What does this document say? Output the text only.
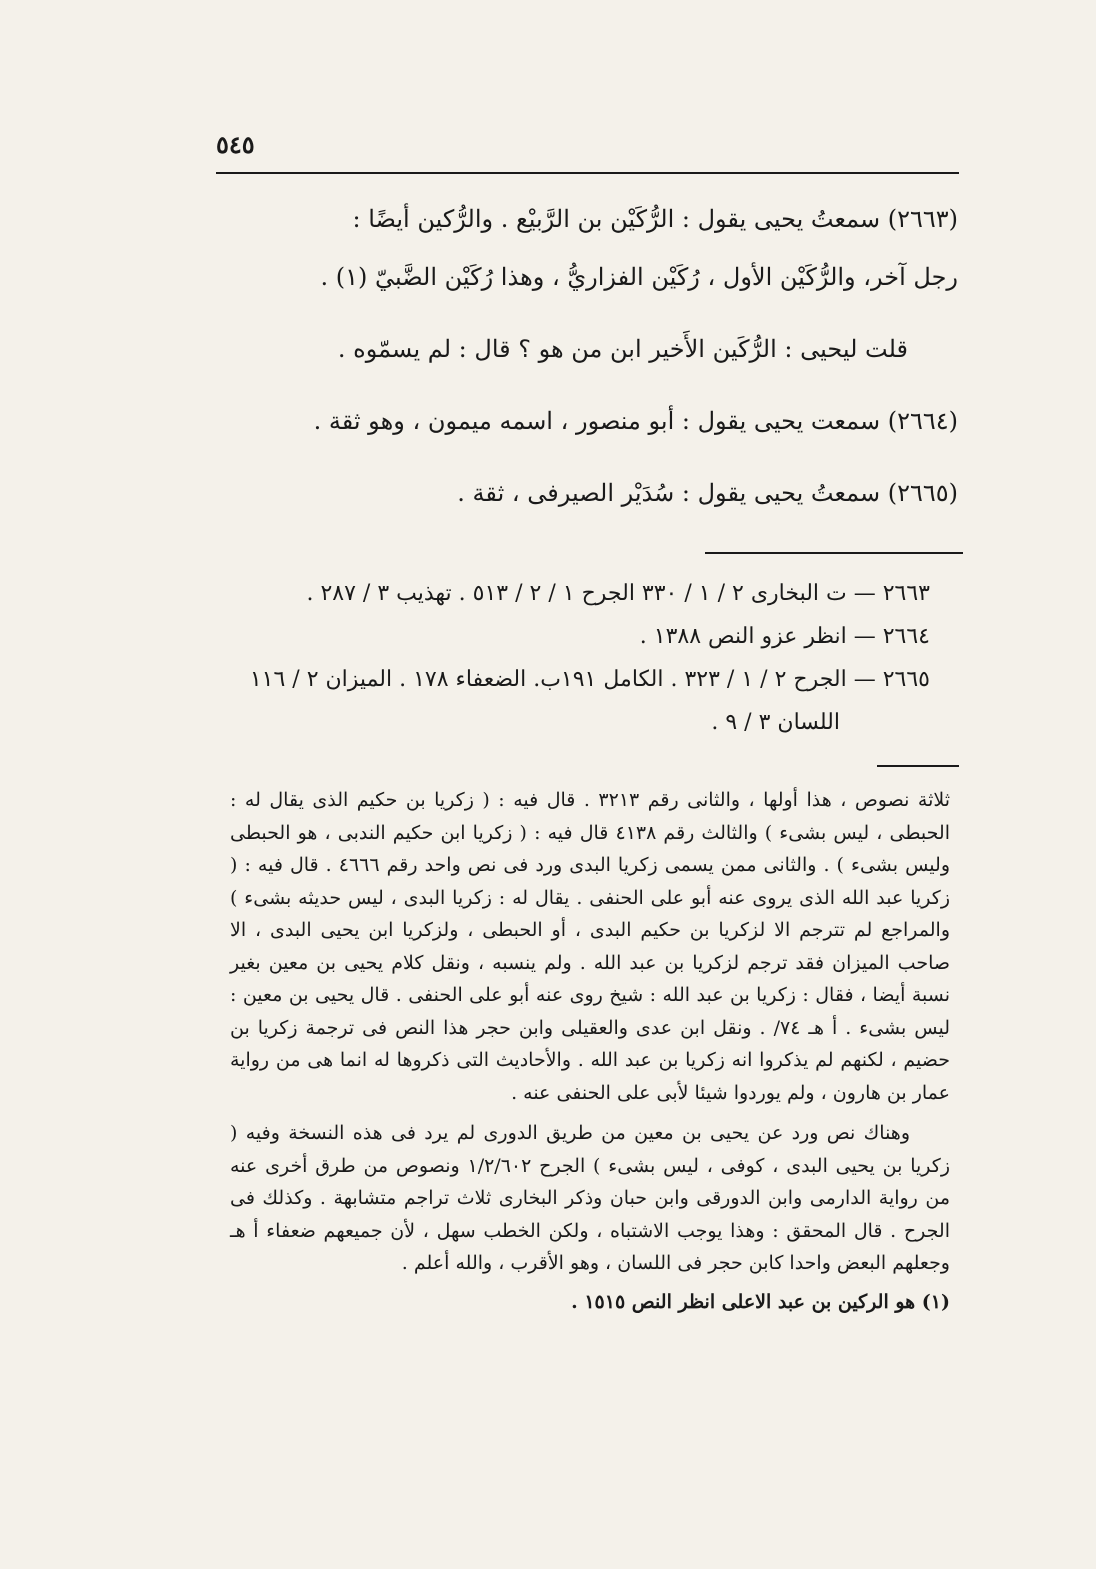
٥٤٥

(٢٦٦٣) سمعتُ يحيى يقول : الرُّكَيْن بن الرَّبيْع . والرُّكين أيضًا :

رجل آخر، والرُّكَيْن الأول ، رُكَيْن الفزاريُّ ، وهذا رُكَيْن الضَّبيّ (١) .

قلت ليحيى : الرُّكَين الأَخير ابن من هو ؟ قال : لم يسمّوه .

(٢٦٦٤) سمعت يحيى يقول : أبو منصور ، اسمه ميمون ، وهو ثقة .

(٢٦٦٥) سمعتُ يحيى يقول : سُدَيْر الصيرفى ، ثقة .

٢٦٦٣ — ت البخارى ٢ / ١ / ٣٣٠ الجرح ١ / ٢ / ٥١٣ . تهذيب ٣ / ٢٨٧ .

٢٦٦٤ — انظر عزو النص ١٣٨٨ .

٢٦٦٥ — الجرح ٢ / ١ / ٣٢٣ . الكامل ١٩١ب. الضعفاء ١٧٨ . الميزان ٢ / ١١٦

اللسان ٣ / ٩ .

ثلاثة نصوص ، هذا أولها ، والثانى رقم ٣٢١٣ . قال فيه : ( زكريا بن حكيم الذى يقال له : الحبطى ، ليس بشىء ) والثالث رقم ٤١٣٨ قال فيه : ( زكريا ابن حكيم الندبى ، هو الحبطى وليس بشىء ) . والثانى ممن يسمى زكريا البدى ورد فى نص واحد رقم ٤٦٦٦ . قال فيه : ( زكريا عبد الله الذى يروى عنه أبو على الحنفى . يقال له : زكريا البدى ، ليس حديثه بشىء ) والمراجع لم تترجم الا لزكريا بن حكيم البدى ، أو الحبطى ، ولزكريا ابن يحيى البدى ، الا صاحب الميزان فقد ترجم لزكريا بن عبد الله . ولم ينسبه ، ونقل كلام يحيى بن معين بغير نسبة أيضا ، فقال : زكريا بن عبد الله : شيخ روى عنه أبو على الحنفى . قال يحيى بن معين : ليس بشىء . أ هـ ٧٤/ . ونقل ابن عدى والعقيلى وابن حجر هذا النص فى ترجمة زكريا بن حضيم ، لكنهم لم يذكروا انه زكريا بن عبد الله . والأحاديث التى ذكروها له انما هى من رواية عمار بن هارون ، ولم يوردوا شيئا لأبى على الحنفى عنه .

وهناك نص ورد عن يحيى بن معين من طريق الدورى لم يرد فى هذه النسخة وفيه ( زكريا بن يحيى البدى ، كوفى ، ليس بشىء ) الجرح ١/٢/٦٠٢ ونصوص من طرق أخرى عنه من رواية الدارمى وابن الدورقى وابن حبان وذكر البخارى ثلاث تراجم متشابهة . وكذلك فى الجرح . قال المحقق : وهذا يوجب الاشتباه ، ولكن الخطب سهل ، لأن جميعهم ضعفاء أ هـ وجعلهم البعض واحدا كابن حجر فى اللسان ، وهو الأقرب ، والله أعلم .

(١) هو الركين بن عبد الاعلى انظر النص ١٥١٥ .
